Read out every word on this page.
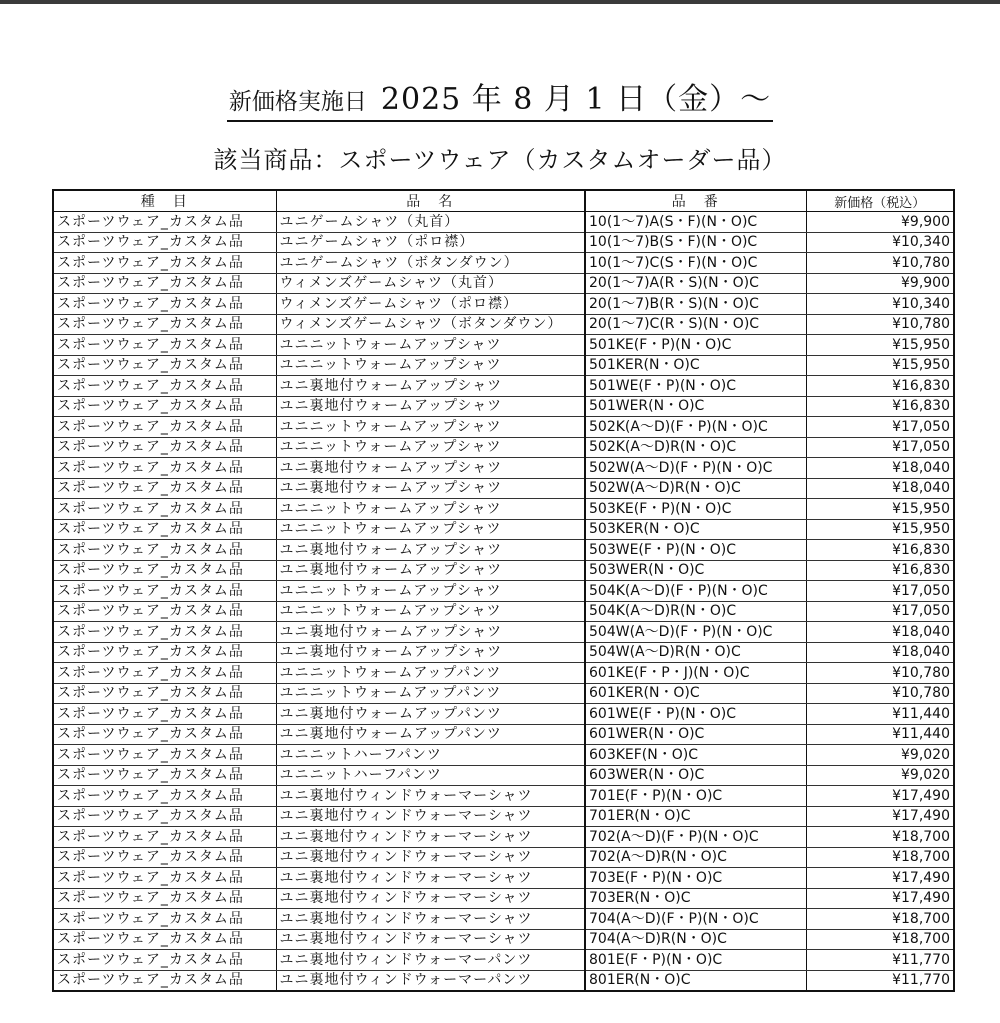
新価格実施日 2025 年 8 月 1 日（金）～
該当商品：スポーツウェア（カスタムオーダー品）
種　目	品　名	品　番	新価格（税込）
スポーツウェア_カスタム品	ユニゲームシャツ（丸首）	10(1～7)A(S・F)(N・O)C	¥9,900
スポーツウェア_カスタム品	ユニゲームシャツ（ポロ襟）	10(1～7)B(S・F)(N・O)C	¥10,340
スポーツウェア_カスタム品	ユニゲームシャツ（ボタンダウン）	10(1～7)C(S・F)(N・O)C	¥10,780
スポーツウェア_カスタム品	ウィメンズゲームシャツ（丸首）	20(1～7)A(R・S)(N・O)C	¥9,900
スポーツウェア_カスタム品	ウィメンズゲームシャツ（ポロ襟）	20(1～7)B(R・S)(N・O)C	¥10,340
スポーツウェア_カスタム品	ウィメンズゲームシャツ（ボタンダウン）	20(1～7)C(R・S)(N・O)C	¥10,780
スポーツウェア_カスタム品	ユニニットウォームアップシャツ	501KE(F・P)(N・O)C	¥15,950
スポーツウェア_カスタム品	ユニニットウォームアップシャツ	501KER(N・O)C	¥15,950
スポーツウェア_カスタム品	ユニ裏地付ウォームアップシャツ	501WE(F・P)(N・O)C	¥16,830
スポーツウェア_カスタム品	ユニ裏地付ウォームアップシャツ	501WER(N・O)C	¥16,830
スポーツウェア_カスタム品	ユニニットウォームアップシャツ	502K(A～D)(F・P)(N・O)C	¥17,050
スポーツウェア_カスタム品	ユニニットウォームアップシャツ	502K(A～D)R(N・O)C	¥17,050
スポーツウェア_カスタム品	ユニ裏地付ウォームアップシャツ	502W(A～D)(F・P)(N・O)C	¥18,040
スポーツウェア_カスタム品	ユニ裏地付ウォームアップシャツ	502W(A～D)R(N・O)C	¥18,040
スポーツウェア_カスタム品	ユニニットウォームアップシャツ	503KE(F・P)(N・O)C	¥15,950
スポーツウェア_カスタム品	ユニニットウォームアップシャツ	503KER(N・O)C	¥15,950
スポーツウェア_カスタム品	ユニ裏地付ウォームアップシャツ	503WE(F・P)(N・O)C	¥16,830
スポーツウェア_カスタム品	ユニ裏地付ウォームアップシャツ	503WER(N・O)C	¥16,830
スポーツウェア_カスタム品	ユニニットウォームアップシャツ	504K(A～D)(F・P)(N・O)C	¥17,050
スポーツウェア_カスタム品	ユニニットウォームアップシャツ	504K(A～D)R(N・O)C	¥17,050
スポーツウェア_カスタム品	ユニ裏地付ウォームアップシャツ	504W(A～D)(F・P)(N・O)C	¥18,040
スポーツウェア_カスタム品	ユニ裏地付ウォームアップシャツ	504W(A～D)R(N・O)C	¥18,040
スポーツウェア_カスタム品	ユニニットウォームアップパンツ	601KE(F・P・J)(N・O)C	¥10,780
スポーツウェア_カスタム品	ユニニットウォームアップパンツ	601KER(N・O)C	¥10,780
スポーツウェア_カスタム品	ユニ裏地付ウォームアップパンツ	601WE(F・P)(N・O)C	¥11,440
スポーツウェア_カスタム品	ユニ裏地付ウォームアップパンツ	601WER(N・O)C	¥11,440
スポーツウェア_カスタム品	ユニニットハーフパンツ	603KEF(N・O)C	¥9,020
スポーツウェア_カスタム品	ユニニットハーフパンツ	603WER(N・O)C	¥9,020
スポーツウェア_カスタム品	ユニ裏地付ウィンドウォーマーシャツ	701E(F・P)(N・O)C	¥17,490
スポーツウェア_カスタム品	ユニ裏地付ウィンドウォーマーシャツ	701ER(N・O)C	¥17,490
スポーツウェア_カスタム品	ユニ裏地付ウィンドウォーマーシャツ	702(A～D)(F・P)(N・O)C	¥18,700
スポーツウェア_カスタム品	ユニ裏地付ウィンドウォーマーシャツ	702(A～D)R(N・O)C	¥18,700
スポーツウェア_カスタム品	ユニ裏地付ウィンドウォーマーシャツ	703E(F・P)(N・O)C	¥17,490
スポーツウェア_カスタム品	ユニ裏地付ウィンドウォーマーシャツ	703ER(N・O)C	¥17,490
スポーツウェア_カスタム品	ユニ裏地付ウィンドウォーマーシャツ	704(A～D)(F・P)(N・O)C	¥18,700
スポーツウェア_カスタム品	ユニ裏地付ウィンドウォーマーシャツ	704(A～D)R(N・O)C	¥18,700
スポーツウェア_カスタム品	ユニ裏地付ウィンドウォーマーパンツ	801E(F・P)(N・O)C	¥11,770
スポーツウェア_カスタム品	ユニ裏地付ウィンドウォーマーパンツ	801ER(N・O)C	¥11,770
